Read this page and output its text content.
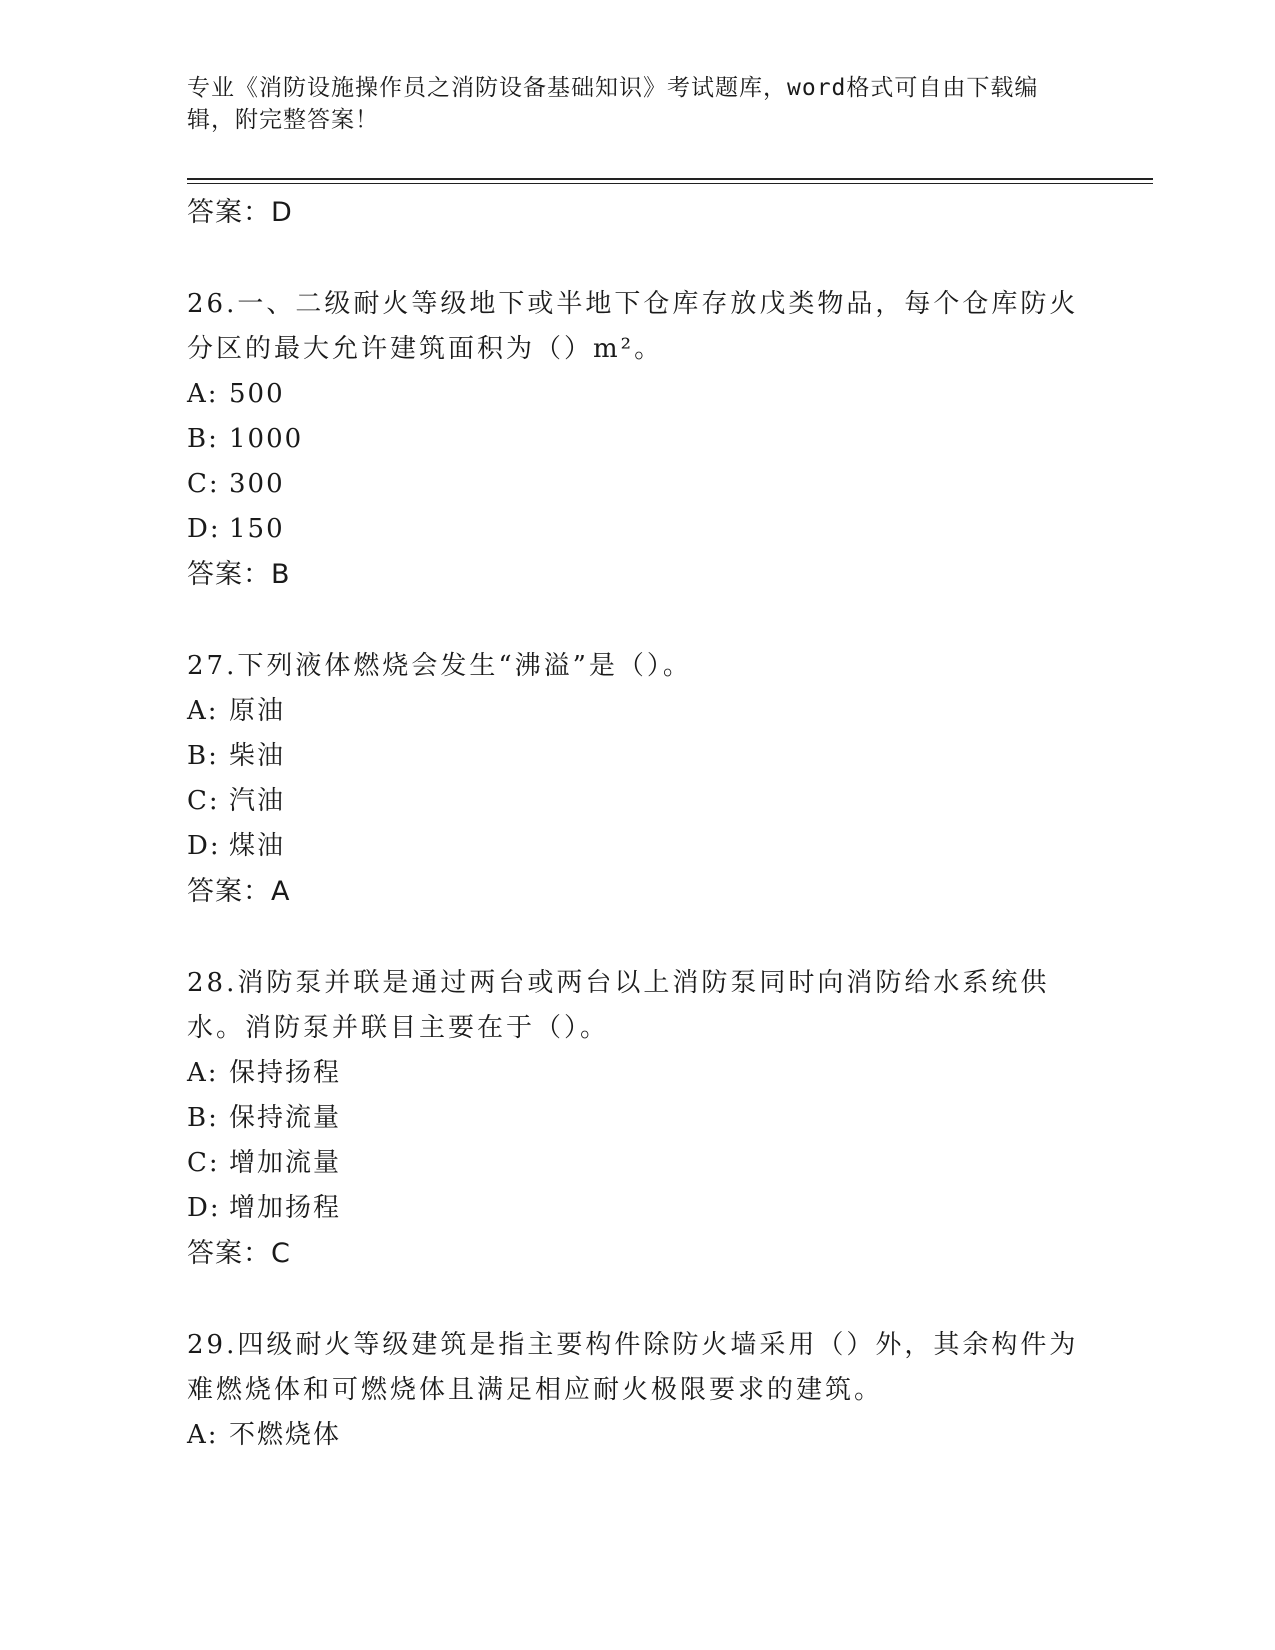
专业《消防设施操作员之消防设备基础知识》考试题库，word格式可自由下载编辑，附完整答案！
答案：D
26.一、二级耐火等级地下或半地下仓库存放戊类物品，每个仓库防火分区的最大允许建筑面积为（）m²。
A: 500
B: 1000
C: 300
D: 150
答案：B
27.下列液体燃烧会发生“沸溢”是（）。
A: 原油
B: 柴油
C: 汽油
D: 煤油
答案：A
28.消防泵并联是通过两台或两台以上消防泵同时向消防给水系统供水。消防泵并联目主要在于（）。
A: 保持扬程
B: 保持流量
C: 增加流量
D: 增加扬程
答案：C
29.四级耐火等级建筑是指主要构件除防火墙采用（）外，其余构件为难燃烧体和可燃烧体且满足相应耐火极限要求的建筑。
A: 不燃烧体
